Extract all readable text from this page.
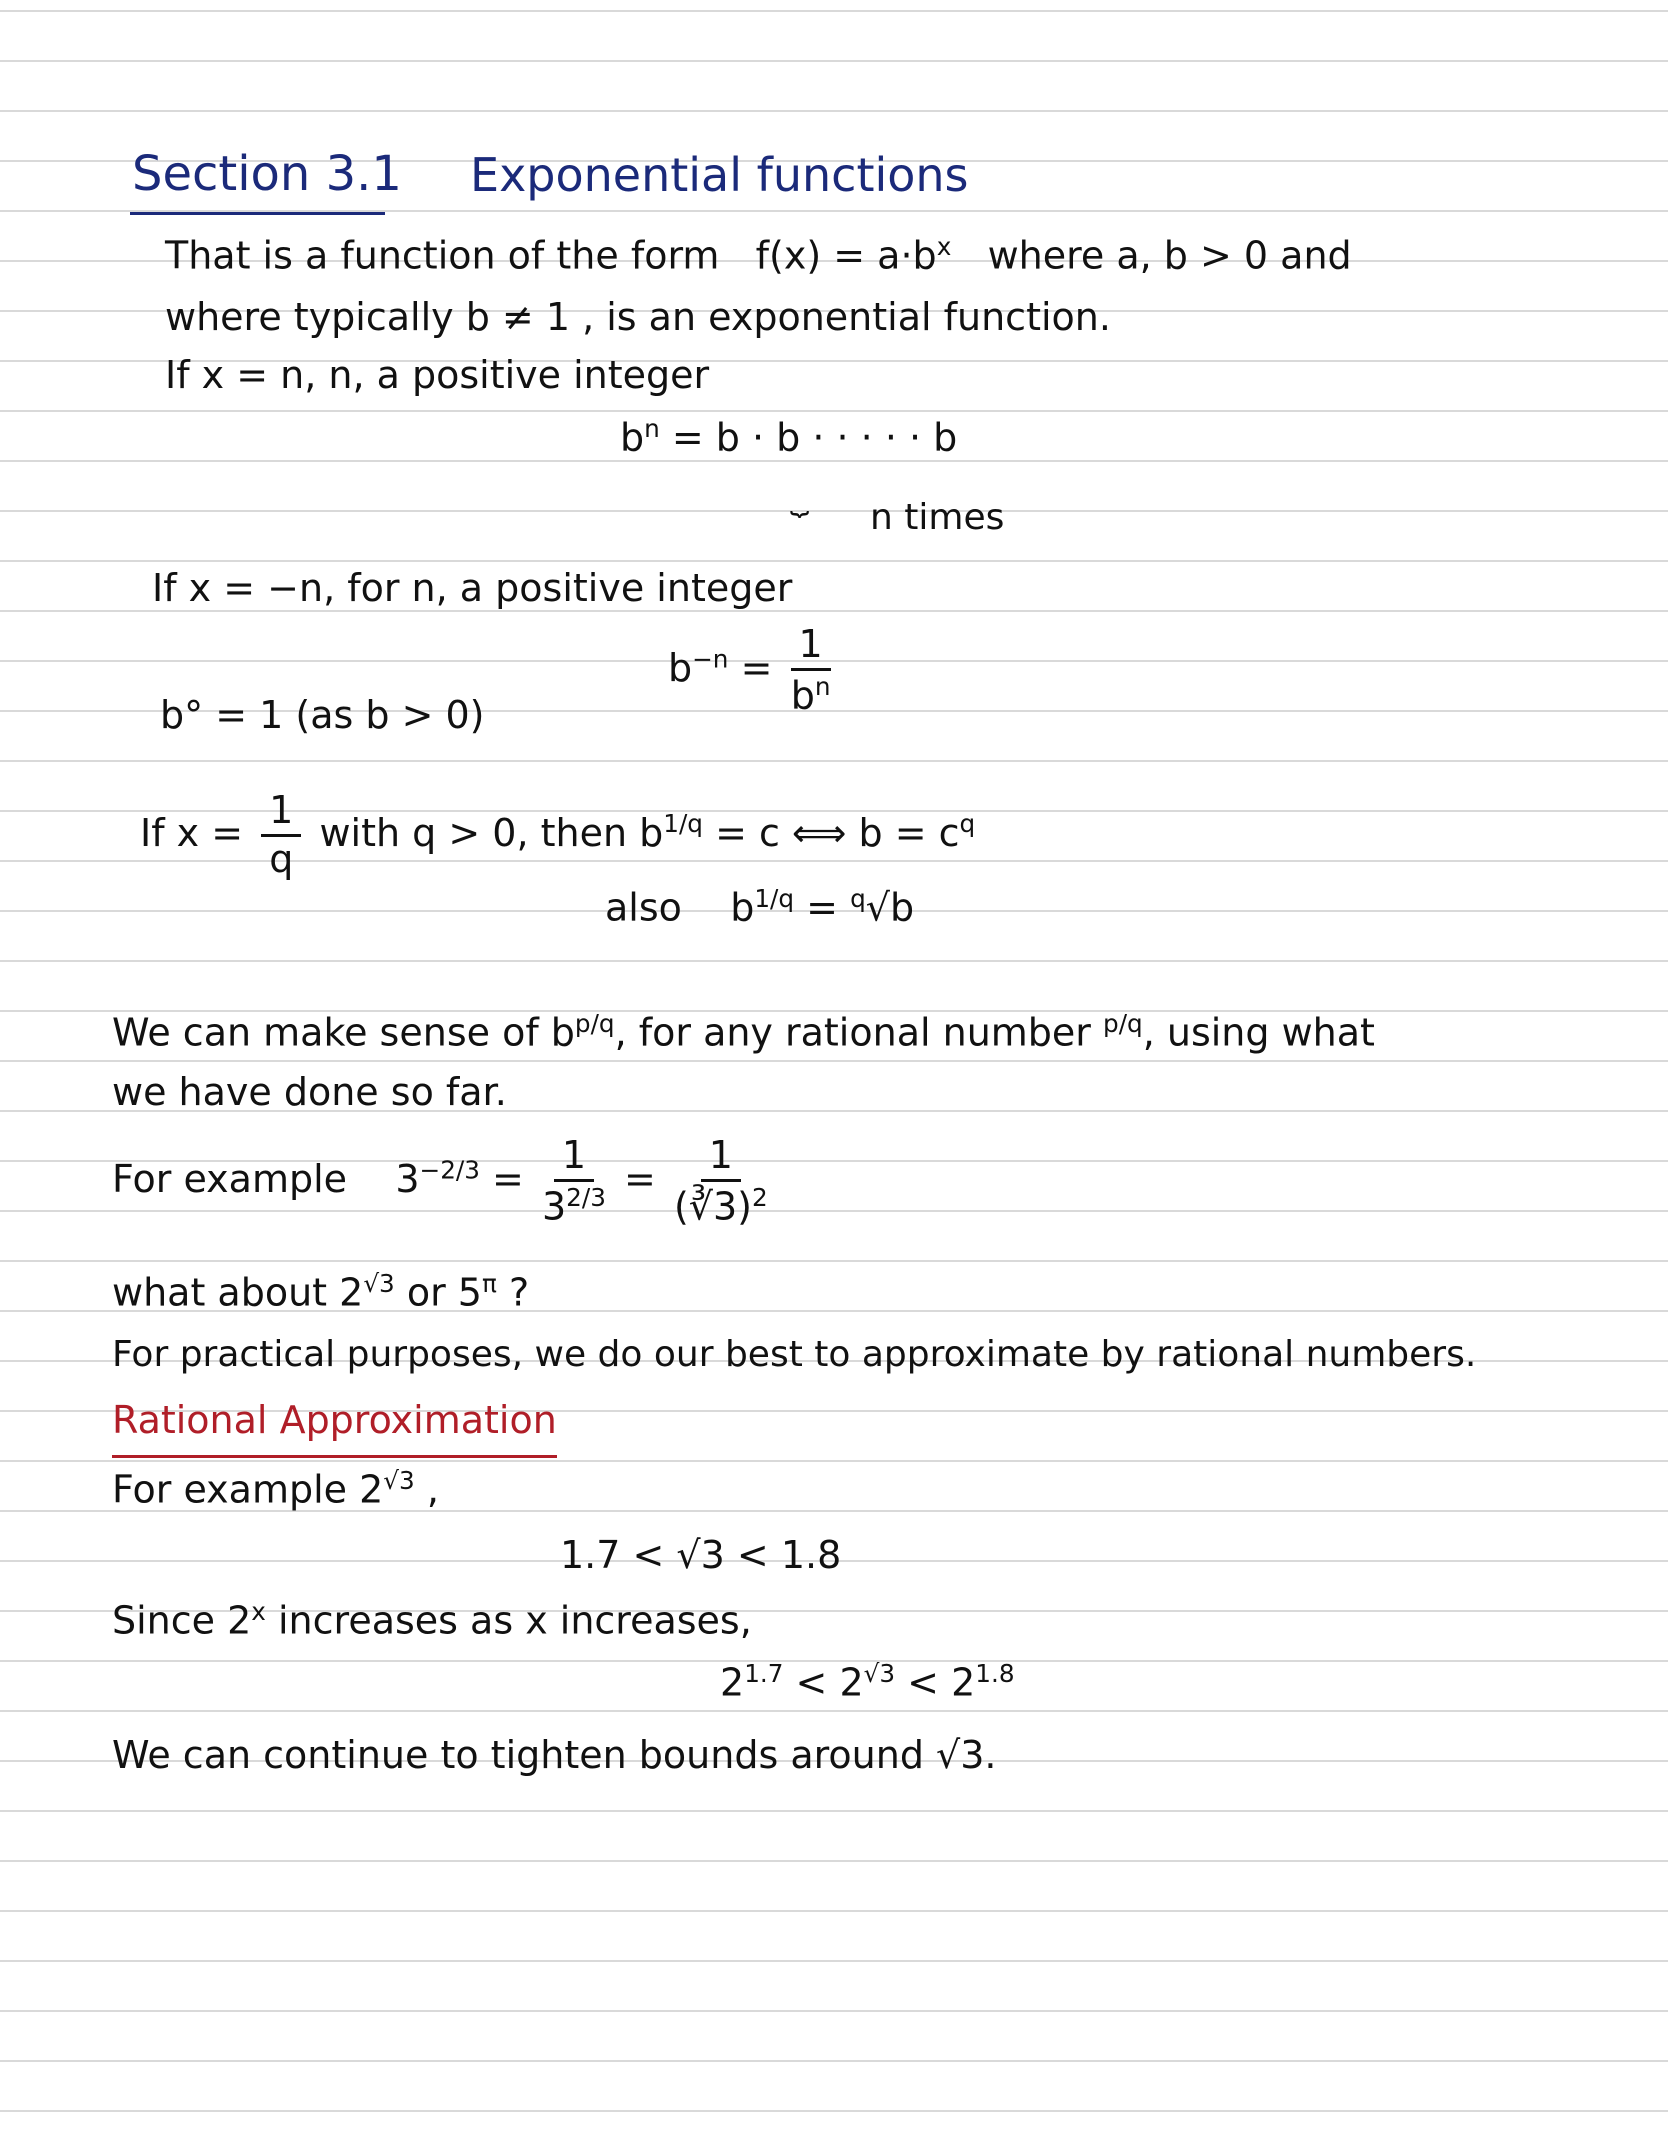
Section 3.1 Exponential functions
That is a function of the form $f(x) = a\cdot b^x$ where a, b > 0 and
where typically b ≠ 1 , is an exponential function.
If x = n, n, a positive integer
$b^n = b \cdot b$ · · · · · b
⏟ n times
If x = −n, for n, a positive integer
$b^{-n} = \frac{1}{b^n}$
b° = 1 (as b > 0)
If $x = \frac{1}{q}$ with q > 0, then $b^{1/q} = c$ ⟺ $b = c^q$
also $b^{1/q} = ^q√b$
We can make sense of $b^{p/q}$, for any rational number $^{p/q}$, using what
we have done so far.
For example $3^{-2/3} = \frac{1}{3^{2/3}} = \frac{1}{(∛3)^2}$
what about $2^{√3}$ or $5^\pi$ ?
For practical purposes, we do our best to approximate by rational numbers.
Rational Approximation
For example $2^{√3}$ ,
1.7 < √3 < 1.8
Since 2$^x$ increases as x increases,
$2^{1.7} < 2^{√3} < 2^{1.8}$
We can continue to tighten bounds around √3.
